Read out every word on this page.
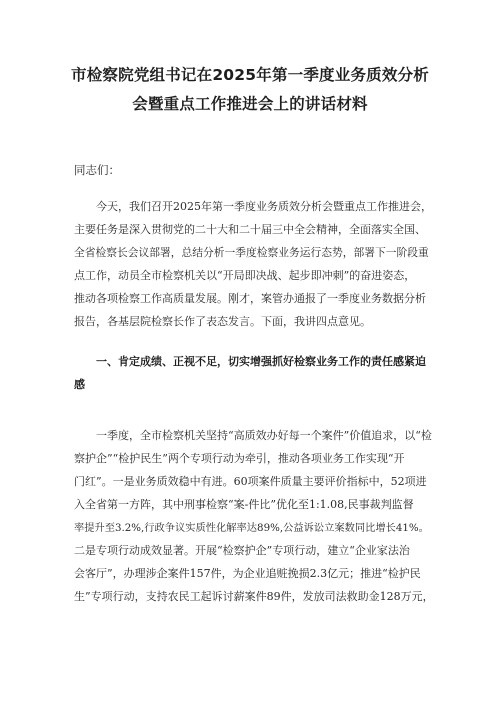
市检察院党组书记在2025年第一季度业务质效分析
会暨重点工作推进会上的讲话材料
同志们：
今天，我们召开2025年第一季度业务质效分析会暨重点工作推进会，
主要任务是深入贯彻党的二十大和二十届三中全会精神，全面落实全国、
全省检察长会议部署，总结分析一季度检察业务运行态势，部署下一阶段重
点工作，动员全市检察机关以“开局即决战、起步即冲刺”的奋进姿态，
推动各项检察工作高质量发展。刚才，案管办通报了一季度业务数据分析
报告，各基层院检察长作了表态发言。下面，我讲四点意见。
一、肯定成绩、正视不足，切实增强抓好检察业务工作的责任感紧迫
感
一季度，全市检察机关坚持“高质效办好每一个案件”价值追求，以“检
察护企”“检护民生”两个专项行动为牵引，推动各项业务工作实现“开
门红”。一是业务质效稳中有进。60项案件质量主要评价指标中，52项进
入全省第一方阵，其中刑事检察“案-件比”优化至1:1.08,民事裁判监督
率提升至3.2%,行政争议实质性化解率达89%,公益诉讼立案数同比增长41%。
二是专项行动成效显著。开展“检察护企”专项行动，建立“企业家法治
会客厅”，办理涉企案件157件，为企业追赃挽损2.3亿元；推进“检护民
生”专项行动，支持农民工起诉讨薪案件89件，发放司法救助金128万元，
